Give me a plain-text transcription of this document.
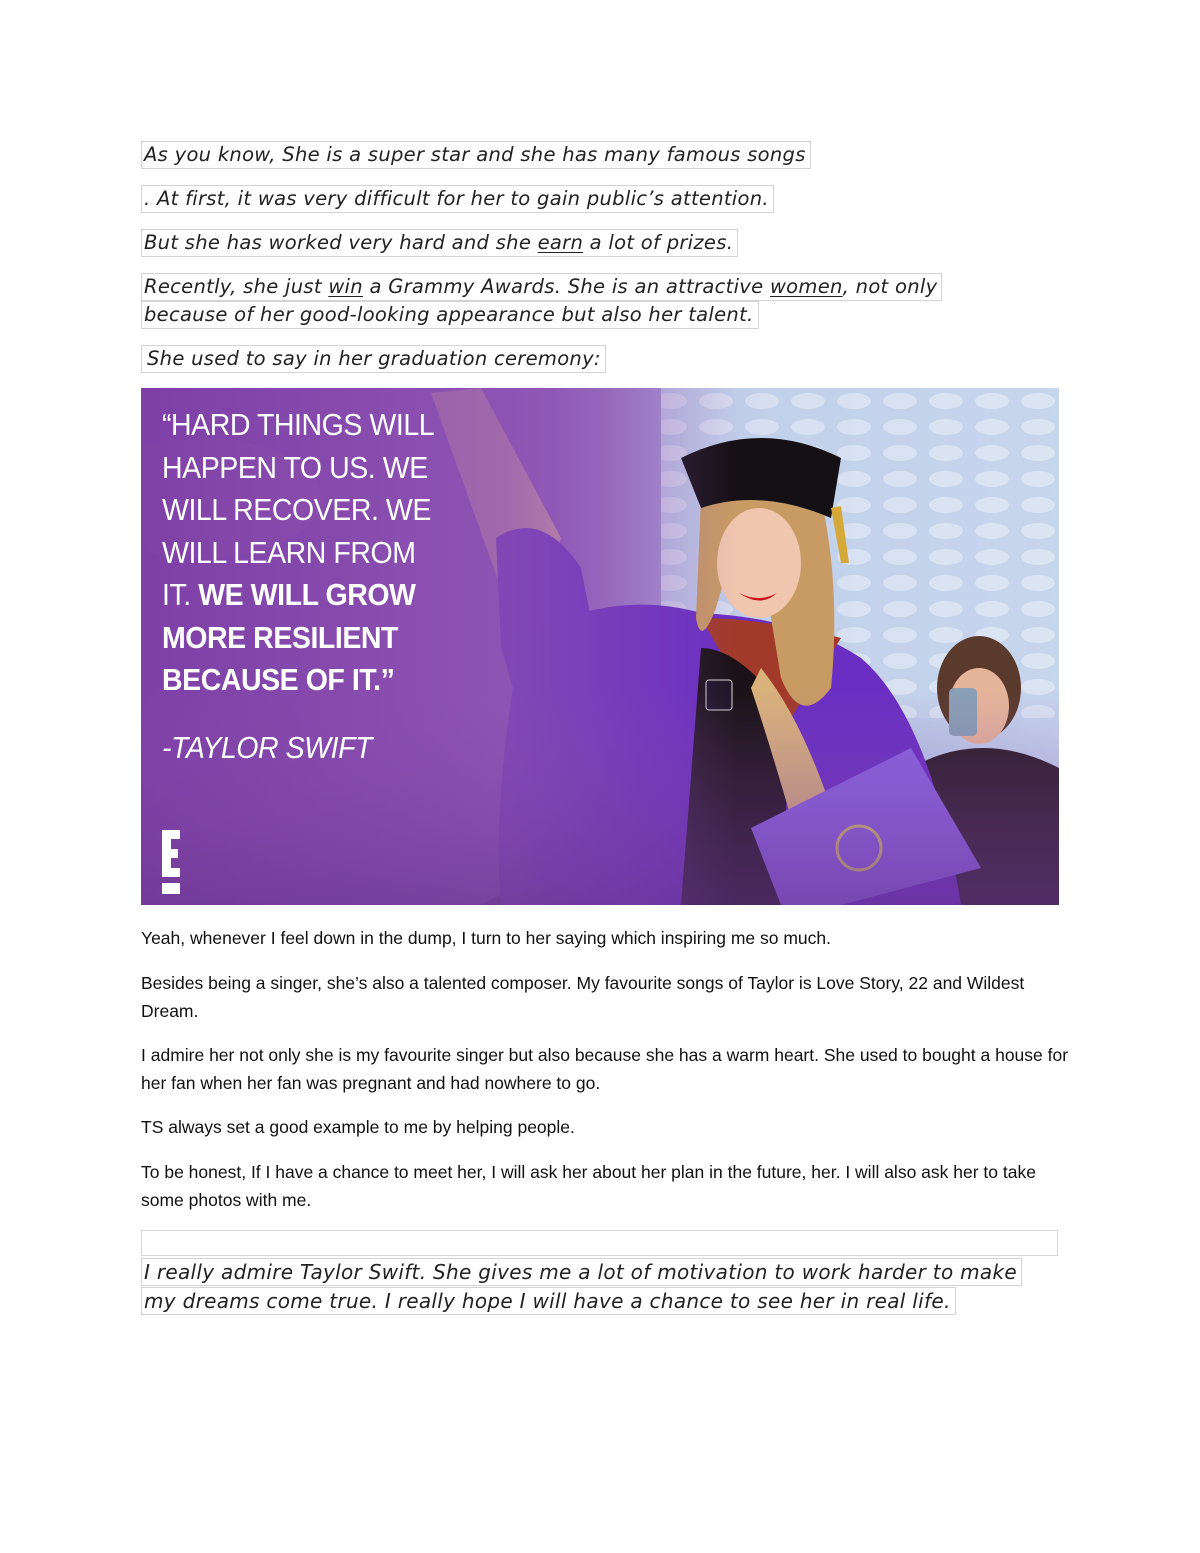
As you know, She is a super star and she has many famous songs
. At first, it was very difficult for her to gain public’s attention.
But she has worked very hard and she earn a lot of prizes.
Recently, she just win a Grammy Awards. She is an attractive women, not only
because of her good-looking appearance but also her talent.
She used to say in her graduation ceremony:
“HARD THINGS WILL
HAPPEN TO US. WE
WILL RECOVER. WE
WILL LEARN FROM
IT. WE WILL GROW
MORE RESILIENT
BECAUSE OF IT.”
-TAYLOR SWIFT

Yeah, whenever I feel down in the dump, I turn to her saying which inspiring me so much.

Besides being a singer, she’s also a talented composer. My favourite songs of Taylor is Love Story, 22 and Wildest Dream.

I admire her not only she is my favourite singer but also because she has a warm heart. She used to bought a house for her fan when her fan was pregnant and had nowhere to go.

TS always set a good example to me by helping people.

To be honest, If I have a chance to meet her, I will ask her about her plan in the future, her. I will also ask her to take some photos with me.

I really admire Taylor Swift. She gives me a lot of motivation to work harder to make
my dreams come true. I really hope I will have a chance to see her in real life.
